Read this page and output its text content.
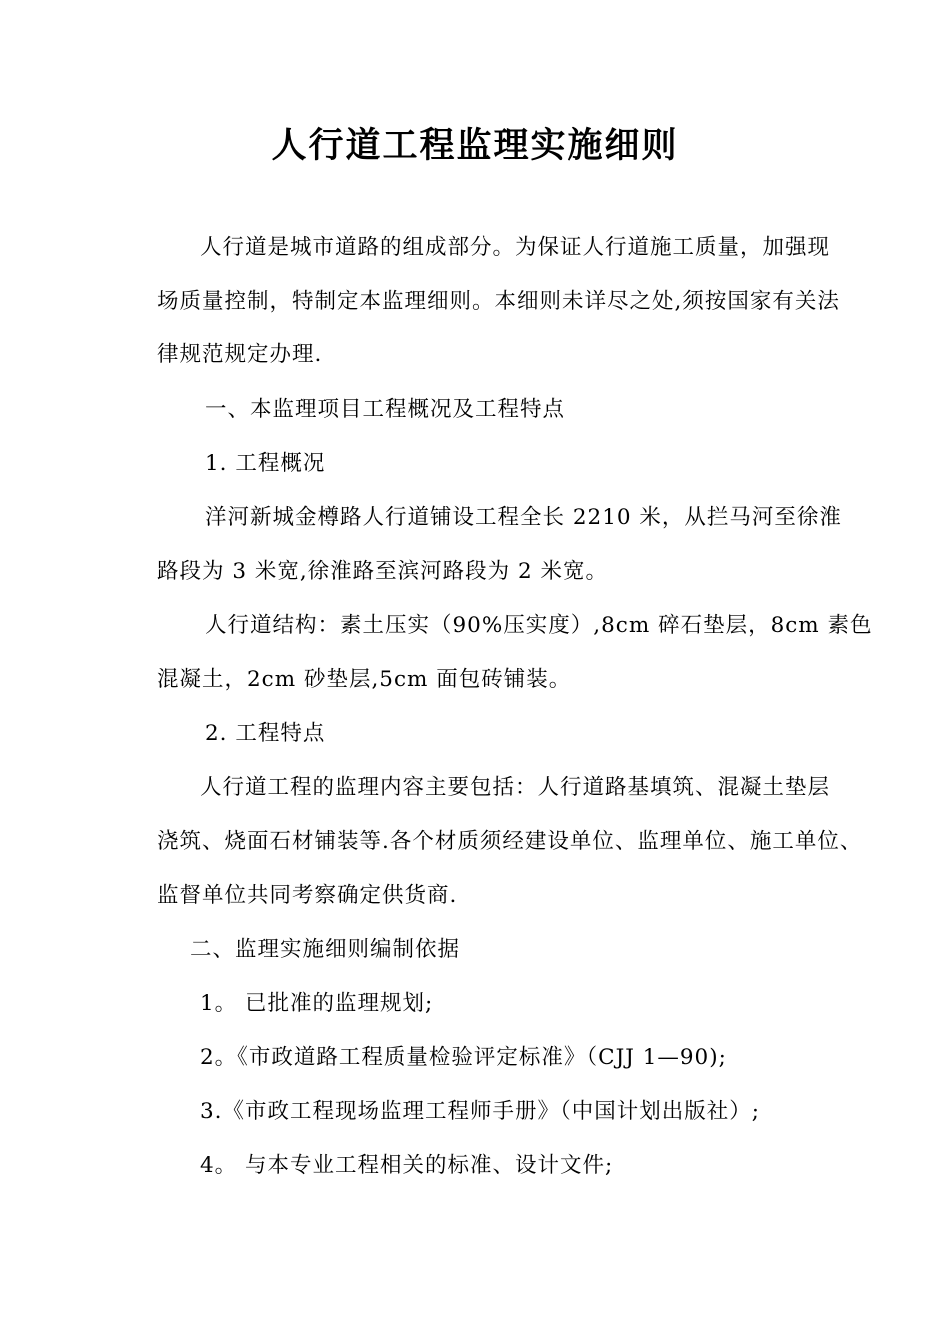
人行道工程监理实施细则
人行道是城市道路的组成部分。为保证人行道施工质量，加强现
场质量控制，特制定本监理细则。本细则未详尽之处,须按国家有关法
律规范规定办理.
一、本监理项目工程概况及工程特点
1. 工程概况
洋河新城金樽路人行道铺设工程全长 2210 米，从拦马河至徐淮
路段为 3 米宽,徐淮路至滨河路段为 2 米宽。
人行道结构：素土压实（90%压实度）,8cm 碎石垫层，8cm 素色
混凝土，2cm 砂垫层,5cm 面包砖铺装。
2. 工程特点
人行道工程的监理内容主要包括：人行道路基填筑、混凝土垫层
浇筑、烧面石材铺装等.各个材质须经建设单位、监理单位、施工单位、
监督单位共同考察确定供货商.
二、监理实施细则编制依据
1。 已批准的监理规划;
2。《市政道路工程质量检验评定标准》（CJJ 1—90);
3.《市政工程现场监理工程师手册》（中国计划出版社）;
4。 与本专业工程相关的标准、设计文件;
